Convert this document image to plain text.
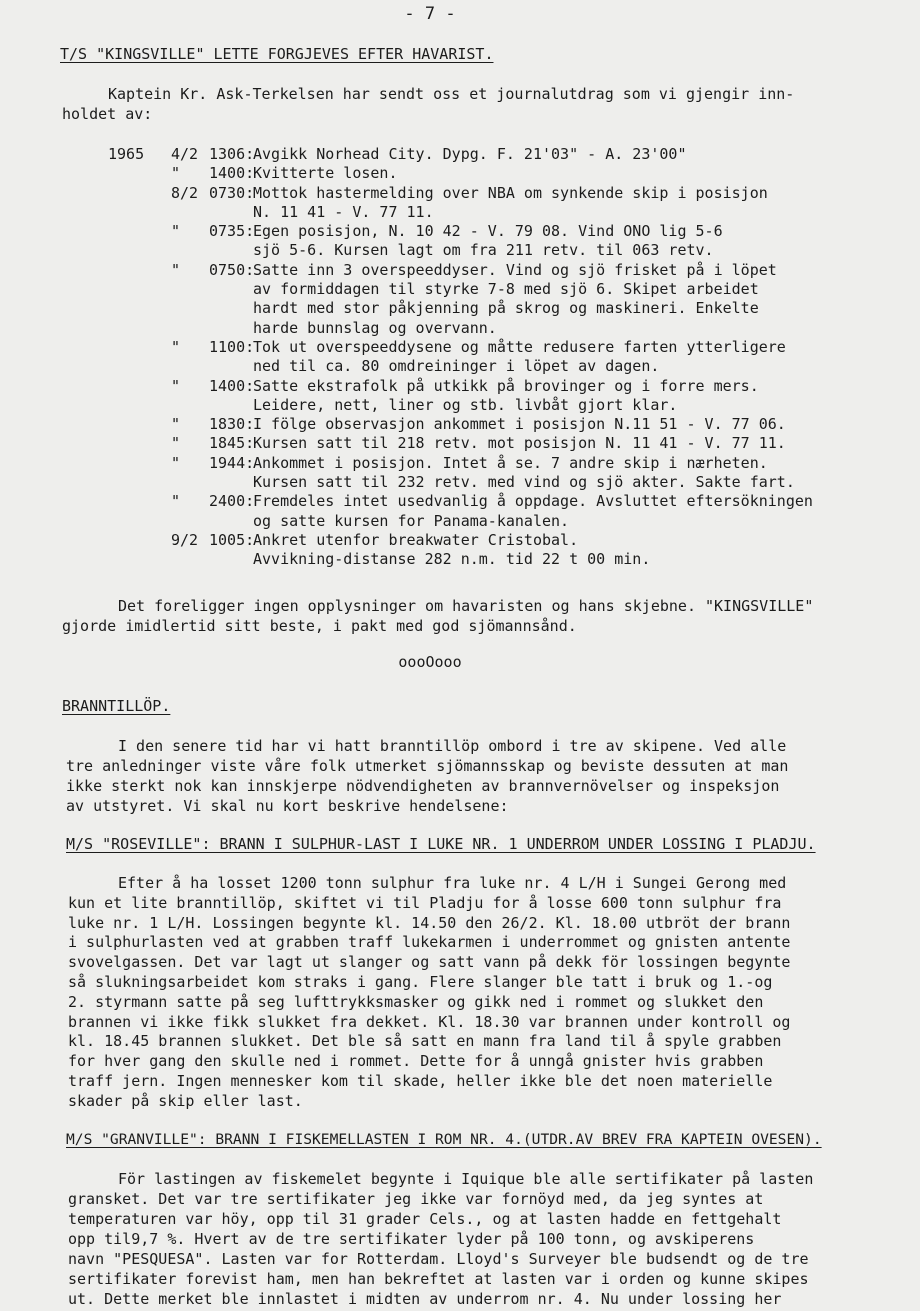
- 7 -
T/S "KINGSVILLE" LETTE FORGJEVES EFTER HAVARIST.
Kaptein Kr. Ask-Terkelsen har sendt oss et journalutdrag som vi gjengir inn-
holdet av:
1965	4/2 1306:
Avgikk Norhead City. Dypg. F. 21'03" - A. 23'00"
"	1400:
Kvitterte losen.
8/2 0730:
Mottok hastermelding over NBA om synkende skip i posisjon
N. 11 41 - V. 77 11.
"	0735:
Egen posisjon, N. 10 42 - V. 79 08. Vind ONO lig 5-6
sjö 5-6. Kursen lagt om fra 211 retv. til 063 retv.
"	0750:
Satte inn 3 overspeeddyser. Vind og sjö frisket på i löpet
av formiddagen til styrke 7-8 med sjö 6. Skipet arbeidet
hardt med stor påkjenning på skrog og maskineri. Enkelte
harde bunnslag og overvann.
"	1100:
Tok ut overspeeddysene og måtte redusere farten ytterligere
ned til ca. 80 omdreininger i löpet av dagen.
"	1400:
Satte ekstrafolk på utkikk på brovinger og i forre mers.
Leidere, nett, liner og stb. livbåt gjort klar.
"	1830:
I fölge observasjon ankommet i posisjon N.11 51 - V. 77 06.
"	1845:
Kursen satt til 218 retv. mot posisjon N. 11 41 - V. 77 11.
"	1944:
Ankommet i posisjon. Intet å se. 7 andre skip i nærheten.
Kursen satt til 232 retv. med vind og sjö akter. Sakte fart.
"	2400:
Fremdeles intet usedvanlig å oppdage. Avsluttet eftersökningen
og satte kursen for Panama-kanalen.
9/2 1005:
Ankret utenfor breakwater Cristobal.
Avvikning-distanse 282 n.m. tid 22 t 00 min.
Det foreligger ingen opplysninger om havaristen og hans skjebne. "KINGSVILLE"
gjorde imidlertid sitt beste, i pakt med god sjömannsånd.
oooOooo
BRANNTILLÖP.
I den senere tid har vi hatt branntillöp ombord i tre av skipene. Ved alle
tre anledninger viste våre folk utmerket sjömannsskap og beviste dessuten at man
ikke sterkt nok kan innskjerpe nödvendigheten av brannvernövelser og inspeksjon
av utstyret. Vi skal nu kort beskrive hendelsene:
M/S "ROSEVILLE": BRANN I SULPHUR-LAST I LUKE NR. 1 UNDERROM UNDER LOSSING I PLADJU.
Efter å ha losset 1200 tonn sulphur fra luke nr. 4 L/H i Sungei Gerong med
kun et lite branntillöp, skiftet vi til Pladju for å losse 600 tonn sulphur fra
luke nr. 1 L/H. Lossingen begynte kl. 14.50 den 26/2. Kl. 18.00 utbröt der brann
i sulphurlasten ved at grabben traff lukekarmen i underrommet og gnisten antente
svovelgassen. Det var lagt ut slanger og satt vann på dekk för lossingen begynte
så slukningsarbeidet kom straks i gang. Flere slanger ble tatt i bruk og 1.-og
2. styrmann satte på seg lufttrykksmasker og gikk ned i rommet og slukket den
brannen vi ikke fikk slukket fra dekket. Kl. 18.30 var brannen under kontroll og
kl. 18.45 brannen slukket. Det ble så satt en mann fra land til å spyle grabben
for hver gang den skulle ned i rommet. Dette for å unngå gnister hvis grabben
traff jern. Ingen mennesker kom til skade, heller ikke ble det noen materielle
skader på skip eller last.
M/S "GRANVILLE": BRANN I FISKEMELLASTEN I ROM NR. 4.(UTDR.AV BREV FRA KAPTEIN OVESEN).
För lastingen av fiskemelet begynte i Iquique ble alle sertifikater på lasten
gransket. Det var tre sertifikater jeg ikke var fornöyd med, da jeg syntes at
temperaturen var höy, opp til 31 grader Cels., og at lasten hadde en fettgehalt
opp til9,7 %. Hvert av de tre sertifikater lyder på 100 tonn, og avskiperens
navn "PESQUESA". Lasten var for Rotterdam. Lloyd's Surveyer ble budsendt og de tre
sertifikater forevist ham, men han bekreftet at lasten var i orden og kunne skipes
ut. Dette merket ble innlastet i midten av underrom nr. 4. Nu under lossing her
